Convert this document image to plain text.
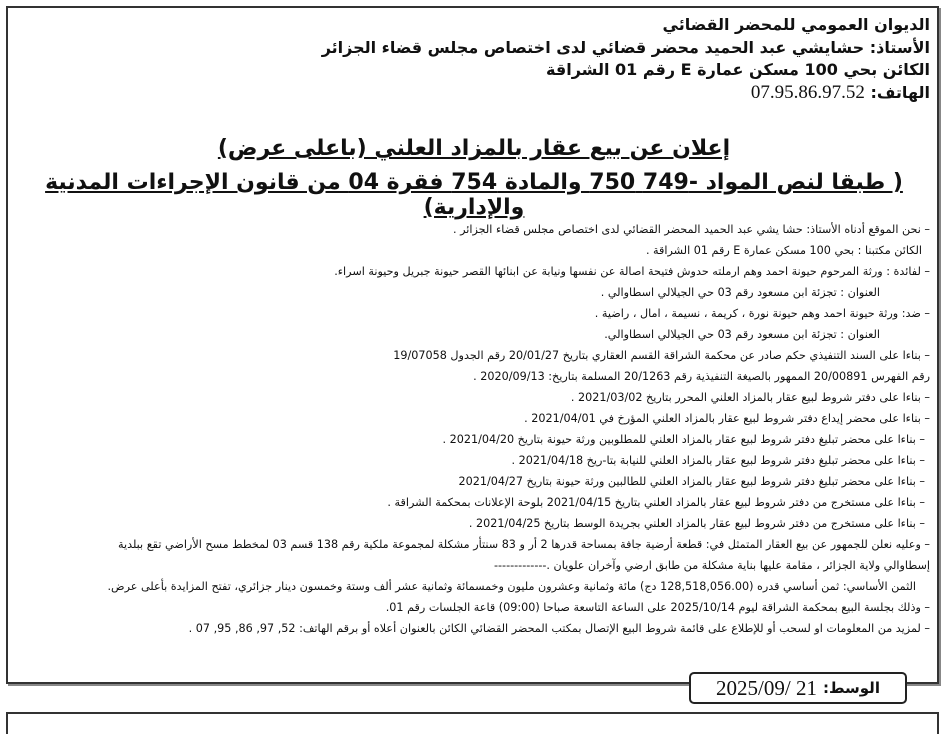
الديوان العمومي للمحضر القضائي
الأستاذ: حشايشي عبد الحميد محضر قضائي لدى اختصاص مجلس قضاء الجزائر
الكائن بحي 100 مسكن عمارة E رقم 01 الشراقة
الهاتف: 07.95.86.97.52
إعلان عن بيع عقار بالمزاد العلني (باعلى عرض)
( طبقا لنص المواد -749 750 والمادة 754 فقرة 04 من قانون الإجراءات المدنية والإدارية)
– نحن الموقع أدناه الأستاذ: حشا يشي عبد الحميد المحضر القضائي لدى اختصاص مجلس قضاء الجزائر .
الكائن مكتبنا : بحي 100 مسكن عمارة E رقم 01 الشراقة .
– لفائدة : ورثة المرحوم حيونة احمد وهم ارملته حدوش فتيحة اصالة عن نفسها ونيابة عن ابنائها القصر حيونة جبريل وحيونة اسراء.
العنوان : تجزئة ابن مسعود رقم 03 حي الجيلالي اسطاوالي .
– ضد: ورثة حيونة احمد وهم حيونة نورة ، كريمة ، نسيمة ، امال ، راضية .
العنوان : تجزئة ابن مسعود رقم 03 حي الجيلالي اسطاوالي.
– بناءا على السند التنفيذي حكم صادر عن محكمة الشراقة القسم العقاري بتاريخ 20/01/27 رقم الجدول 19/07058
رقم الفهرس 20/00891 الممهور بالصيغة التنفيذية رقم 20/1263 المسلمة بتاريخ: 2020/09/13 .
– بناءا على دفتر شروط لبيع عقار بالمزاد العلني المحرر بتاريخ 2021/03/02 .
– بناءا على محضر إيداع دفتر شروط لبيع عقار بالمزاد العلني المؤرخ في 2021/04/01 .
– بناءا على محضر تبليغ دفتر شروط لبيع عقار بالمزاد العلني للمطلوبين ورثة حيونة بتاريخ 2021/04/20 .
– بناءا على محضر تبليغ دفتر شروط لبيع عقار بالمزاد العلني للنيابة بتا-ريخ 2021/04/18 .
– بناءا على محضر تبليغ دفتر شروط لبيع عقار بالمزاد العلني للطالبين ورثة حيونة بتاريخ 2021/04/27
– بناءا على مستخرج من دفتر شروط لبيع عقار بالمزاد العلني بتاريخ 2021/04/15 بلوحة الإعلانات بمحكمة الشراقة .
– بناءا على مستخرج من دفتر شروط لبيع عقار بالمزاد العلني بجريدة الوسط بتاريخ 2021/04/25 .
– وعليه نعلن للجمهور عن بيع العقار المتمثل في: قطعة أرضية جافة بمساحة قدرها 2 أر و 83 سنتأر مشكلة لمجموعة ملكية رقم 138 قسم 03 لمخطط مسح الأراضي تقع ببلدية
إسطاوالي ولاية الجزائر ، مقامة عليها بناية مشكلة من طابق ارضي وآخران علويان .-------------
الثمن الأساسي: ثمن أساسي قدره (128,518,056.00 دج) مائة وثمانية وعشرون مليون وخمسمائة وثمانية عشر ألف وستة وخمسون دينار جزائري، تفتح المزايدة بأعلى عرض.
– وذلك بجلسة البيع بمحكمة الشراقة ليوم 2025/10/14 على الساعة التاسعة صباحا (09:00) قاعة الجلسات رقم 01.
– لمزيد من المعلومات او لسحب أو للإطلاع على قائمة شروط البيع الإتصال بمكتب المحضر القضائي الكائن بالعنوان أعلاه أو برقم الهاتف: 52, 97, 86, 95, 07 .
الوسط:
2025/09/ 21
